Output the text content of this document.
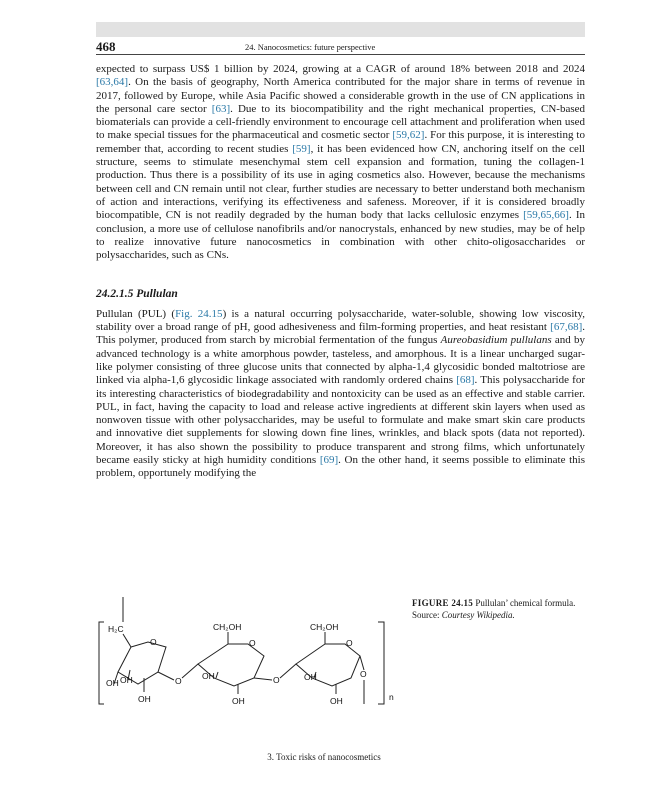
468	24. Nanocosmetics: future perspective

expected to surpass US$ 1 billion by 2024, growing at a CAGR of around 18% between 2018 and 2024 [63,64]. On the basis of geography, North America contributed for the major share in terms of revenue in 2017, followed by Europe, while Asia Pacific showed a considerable growth in the use of CN applications in the personal care sector [63]. Due to its biocompatibility and the right mechanical properties, CN-based biomaterials can provide a cell-friendly environment to encourage cell attachment and proliferation when used to make special tissues for the pharmaceutical and cosmetic sector [59,62]. For this purpose, it is interesting to remember that, according to recent studies [59], it has been evidenced how CN, anchoring itself on the cell structure, seems to stimulate mesenchymal stem cell expansion and formation, tuning the collagen-1 production. Thus there is a possibility of its use in aging cosmetics also. However, because the mechanisms between cell and CN remain until not clear, further studies are necessary to better understand both mechanism of action and interactions, verifying its effectiveness and safeness. Moreover, if it is considered broadly biocompatible, CN is not readily degraded by the human body that lacks cellulosic enzymes [59,65,66]. In conclusion, a more use of cellulose nanofibrils and/or nanocrystals, enhanced by new studies, may be of help to realize innovative future nanocosmetics in combination with other chito-oligosaccharides or polysaccharides, such as CNs.

24.2.1.5 Pullulan

Pullulan (PUL) (Fig. 24.15) is a natural occurring polysaccharide, water-soluble, showing low viscosity, stability over a broad range of pH, good adhesiveness and film-forming properties, and heat resistant [67,68]. This polymer, produced from starch by microbial fermentation of the fungus Aureobasidium pullulans and by advanced technology is a white amorphous powder, tasteless, and amorphous. It is a linear uncharged sugar-like polymer consisting of three glucose units that connected by alpha-1,4 glycosidic bonded maltotriose are linked via alpha-1,6 glycosidic linkage associated with randomly ordered chains [68]. This polysaccharide for its interesting characteristics of biodegradability and nontoxicity can be used as an effective and stable carrier. PUL, in fact, having the capacity to load and release active ingredients at different skin layers when used as nonwoven tissue with other polysaccharides, may be useful to formulate and make smart skin care products and innovative diet supplements for slowing down fine lines, wrinkles, and black spots (data not reported). Moreover, it has also shown the possibility to produce transparent and strong films, which unfortunately became easily sticky at high humidity conditions [69]. On the other hand, it seems possible to eliminate this problem, opportunely modifying the

H₂C
O
OH OH
OH
O
CH₂OH
O
OH
OH
O
CH₂OH
O
OH
OH
O
n
FIGURE 24.15 Pullulan’ chemical formula. Source: Courtesy Wikipedia.
3. Toxic risks of nanocosmetics
